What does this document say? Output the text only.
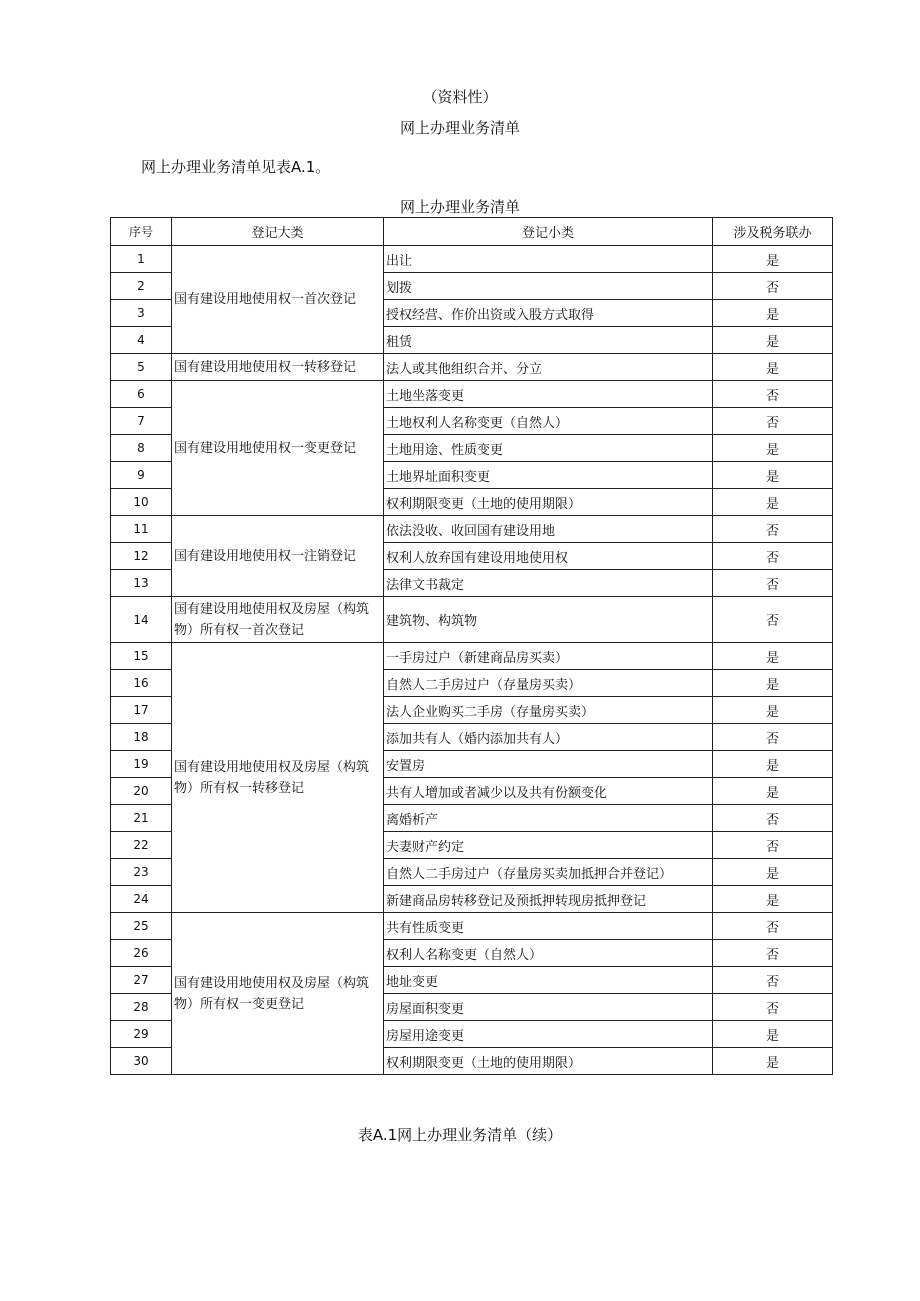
（资料性）
网上办理业务清单
网上办理业务清单见表A.1。
网上办理业务清单
序号	登记大类	登记小类	涉及税务联办
1	国有建设用地使用权一首次登记	出让	是
2		划拨	否
3		授权经营、作价出资或入股方式取得	是
4		租赁	是
5	国有建设用地使用权一转移登记	法人或其他组织合并、分立	是
6	国有建设用地使用权一变更登记	土地坐落变更	否
7		土地权利人名称变更（自然人）	否
8		土地用途、性质变更	是
9		土地界址面积变更	是
10		权利期限变更（土地的使用期限）	是
11	国有建设用地使用权一注销登记	依法没收、收回国有建设用地	否
12		权利人放弃国有建设用地使用权	否
13		法律文书裁定	否
14	国有建设用地使用权及房屋（构筑物）所有权一首次登记	建筑物、构筑物	否
15	国有建设用地使用权及房屋（构筑物）所有权一转移登记	一手房过户（新建商品房买卖）	是
16		自然人二手房过户（存量房买卖）	是
17		法人企业购买二手房（存量房买卖）	是
18		添加共有人（婚内添加共有人）	否
19		安置房	是
20		共有人增加或者减少以及共有份额变化	是
21		离婚析产	否
22		夫妻财产约定	否
23		自然人二手房过户（存量房买卖加抵押合并登记）	是
24		新建商品房转移登记及预抵押转现房抵押登记	是
25	国有建设用地使用权及房屋（构筑物）所有权一变更登记	共有性质变更	否
26		权利人名称变更（自然人）	否
27		地址变更	否
28		房屋面积变更	否
29		房屋用途变更	是
30		权利期限变更（土地的使用期限）	是
表A.1网上办理业务清单（续）
